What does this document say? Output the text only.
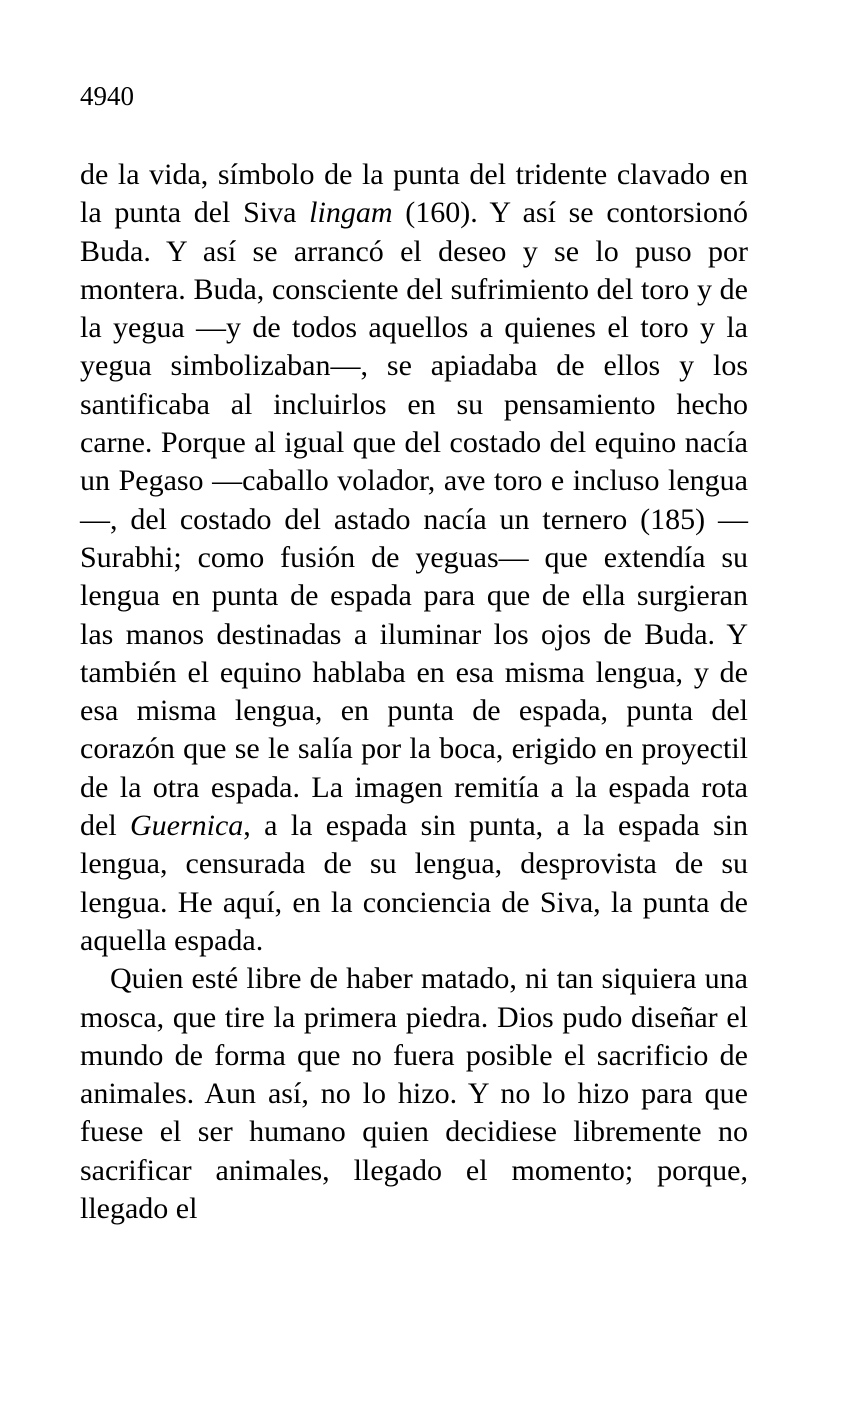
4940

de la vida, símbolo de la punta del tridente clavado en la punta del Siva lingam (160). Y así se contorsionó Buda. Y así se arrancó el deseo y se lo puso por montera. Buda, consciente del sufrimiento del toro y de la yegua —y de todos aquellos a quienes el toro y la yegua simbolizaban—, se apiadaba de ellos y los santificaba al incluirlos en su pensamiento hecho carne. Porque al igual que del costado del equino nacía un Pegaso —caballo volador, ave toro e incluso lengua—, del costado del astado nacía un ternero (185) —Surabhi; como fusión de yeguas— que extendía su lengua en punta de espada para que de ella surgieran las manos destinadas a iluminar los ojos de Buda. Y también el equino hablaba en esa misma lengua, y de esa misma lengua, en punta de espada, punta del corazón que se le salía por la boca, erigido en proyectil de la otra espada. La imagen remitía a la espada rota del Guernica, a la espada sin punta, a la espada sin lengua, censurada de su lengua, desprovista de su lengua. He aquí, en la conciencia de Siva, la punta de aquella espada.

Quien esté libre de haber matado, ni tan siquiera una mosca, que tire la primera piedra. Dios pudo diseñar el mundo de forma que no fuera posible el sacrificio de animales. Aun así, no lo hizo. Y no lo hizo para que fuese el ser humano quien decidiese libremente no sacrificar animales, llegado el momento; porque, llegado el
